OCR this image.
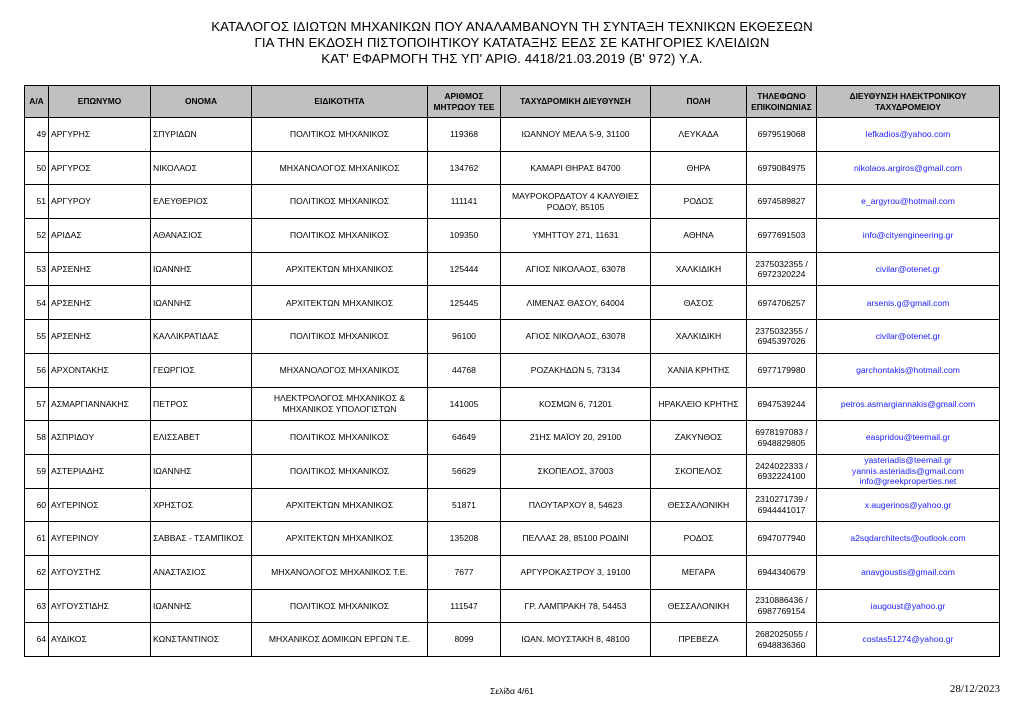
ΚΑΤΑΛΟΓΟΣ ΙΔΙΩΤΩΝ ΜΗΧΑΝΙΚΩΝ ΠΟΥ ΑΝΑΛΑΜΒΑΝΟΥΝ ΤΗ ΣΥΝΤΑΞΗ ΤΕΧΝΙΚΩΝ ΕΚΘΕΣΕΩΝ
ΓΙΑ ΤΗΝ ΕΚΔΟΣΗ ΠΙΣΤΟΠΟΙΗΤΙΚΟΥ ΚΑΤΑΤΑΞΗΣ ΕΕΔΣ ΣΕ ΚΑΤΗΓΟΡΙΕΣ ΚΛΕΙΔΙΩΝ
ΚΑΤ' ΕΦΑΡΜΟΓΗ ΤΗΣ ΥΠ' ΑΡΙΘ. 4418/21.03.2019 (Β' 972) Υ.Α.
Α/Α	ΕΠΩΝΥΜΟ	ΟΝΟΜΑ	ΕΙΔΙΚΟΤΗΤΑ	ΑΡΙΘΜΟΣ ΜΗΤΡΩΟΥ ΤΕΕ	ΤΑΧΥΔΡΟΜΙΚΗ ΔΙΕΥΘΥΝΣΗ	ΠΟΛΗ	ΤΗΛΕΦΩΝΟ ΕΠΙΚΟΙΝΩΝΙΑΣ	ΔΙΕΥΘΥΝΣΗ ΗΛΕΚΤΡΟΝΙΚΟΥ ΤΑΧΥΔΡΟΜΕΙΟΥ
49	ΑΡΓΥΡΗΣ	ΣΠΥΡΙΔΩΝ	ΠΟΛΙΤΙΚΟΣ ΜΗΧΑΝΙΚΟΣ	119368	ΙΩΑΝΝΟΥ ΜΕΛΑ 5-9, 31100	ΛΕΥΚΑΔΑ	6979519068	lefkadios@yahoo.com
50	ΑΡΓΥΡΟΣ	ΝΙΚΟΛΑΟΣ	ΜΗΧΑΝΟΛΟΓΟΣ ΜΗΧΑΝΙΚΟΣ	134762	ΚΑΜΑΡΙ ΘΗΡΑΣ 84700	ΘΗΡΑ	6979084975	nikolaos.argiros@gmail.com
51	ΑΡΓΥΡΟΥ	ΕΛΕΥΘΕΡΙΟΣ	ΠΟΛΙΤΙΚΟΣ ΜΗΧΑΝΙΚΟΣ	111141	ΜΑΥΡΟΚΟΡΔΑΤΟΥ 4 ΚΑΛΥΘΙΕΣ ΡΟΔΟΥ, 85105	ΡΟΔΟΣ	6974589827	e_argyrou@hotmail.com
52	ΑΡΙΔΑΣ	ΑΘΑΝΑΣΙΟΣ	ΠΟΛΙΤΙΚΟΣ ΜΗΧΑΝΙΚΟΣ	109350	ΥΜΗΤΤΟΥ 271, 11631	ΑΘΗΝΑ	6977691503	info@cityengineering.gr
53	ΑΡΣΕΝΗΣ	ΙΩΑΝΝΗΣ	ΑΡΧΙΤΕΚΤΩΝ ΜΗΧΑΝΙΚΟΣ	125444	ΑΓΙΟΣ ΝΙΚΟΛΑΟΣ, 63078	ΧΑΛΚΙΔΙΚΗ	2375032355 / 6972320224	civilar@otenet.gr
54	ΑΡΣΕΝΗΣ	ΙΩΑΝΝΗΣ	ΑΡΧΙΤΕΚΤΩΝ ΜΗΧΑΝΙΚΟΣ	125445	ΛΙΜΕΝΑΣ ΘΑΣΟΥ, 64004	ΘΑΣΟΣ	6974706257	arsenis.g@gmail.com
55	ΑΡΣΕΝΗΣ	ΚΑΛΛΙΚΡΑΤΙΔΑΣ	ΠΟΛΙΤΙΚΟΣ ΜΗΧΑΝΙΚΟΣ	96100	ΑΓΙΟΣ ΝΙΚΟΛΑΟΣ, 63078	ΧΑΛΚΙΔΙΚΗ	2375032355 / 6945397026	civilar@otenet.gr
56	ΑΡΧΟΝΤΑΚΗΣ	ΓΕΩΡΓΙΟΣ	ΜΗΧΑΝΟΛΟΓΟΣ ΜΗΧΑΝΙΚΟΣ	44768	ΡΟΖΑΚΗΔΩΝ 5, 73134	ΧΑΝΙΑ ΚΡΗΤΗΣ	6977179980	garchontakis@hotmail.com
57	ΑΣΜΑΡΓΙΑΝΝΑΚΗΣ	ΠΕΤΡΟΣ	ΗΛΕΚΤΡΟΛΟΓΟΣ ΜΗΧΑΝΙΚΟΣ & ΜΗΧΑΝΙΚΟΣ ΥΠΟΛΟΓΙΣΤΩΝ	141005	ΚΟΣΜΩΝ 6, 71201	ΗΡΑΚΛΕΙΟ ΚΡΗΤΗΣ	6947539244	petros.asmargiannakis@gmail.com
58	ΑΣΠΡΙΔΟΥ	ΕΛΙΣΣΑΒΕΤ	ΠΟΛΙΤΙΚΟΣ ΜΗΧΑΝΙΚΟΣ	64649	21ΗΣ ΜΑΪΟΥ 20, 29100	ΖΑΚΥΝΘΟΣ	6978197083 / 6948829805	easpridou@teemail.gr
59	ΑΣΤΕΡΙΑΔΗΣ	ΙΩΑΝΝΗΣ	ΠΟΛΙΤΙΚΟΣ ΜΗΧΑΝΙΚΟΣ	56629	ΣΚΟΠΕΛΟΣ, 37003	ΣΚΟΠΕΛΟΣ	2424022333 / 6932224100	yasteriadis@teemail.gr yannis.asteriadis@gmail.com info@greekproperties.net
60	ΑΥΓΕΡΙΝΟΣ	ΧΡΗΣΤΟΣ	ΑΡΧΙΤΕΚΤΩΝ ΜΗΧΑΝΙΚΟΣ	51871	ΠΛΟΥΤΑΡΧΟΥ 8, 54623	ΘΕΣΣΑΛΟΝΙΚΗ	2310271739 / 6944441017	x.augerinos@yahoo.gr
61	ΑΥΓΕΡΙΝΟΥ	ΣΑΒΒΑΣ - ΤΣΑΜΠΙΚΟΣ	ΑΡΧΙΤΕΚΤΩΝ ΜΗΧΑΝΙΚΟΣ	135208	ΠΕΛΛΑΣ 28, 85100 ΡΟΔΙΝΙ	ΡΟΔΟΣ	6947077940	a2sqdarchitects@outlook.com
62	ΑΥΓΟΥΣΤΗΣ	ΑΝΑΣΤΑΣΙΟΣ	ΜΗΧΑΝΟΛΟΓΟΣ ΜΗΧΑΝΙΚΟΣ Τ.Ε.	7677	ΑΡΓΥΡΟΚΑΣΤΡΟΥ 3, 19100	ΜΕΓΑΡΑ	6944340679	anavgoustis@gmail.com
63	ΑΥΓΟΥΣΤΙΔΗΣ	ΙΩΑΝΝΗΣ	ΠΟΛΙΤΙΚΟΣ ΜΗΧΑΝΙΚΟΣ	111547	ΓΡ. ΛΑΜΠΡΑΚΗ 78, 54453	ΘΕΣΣΑΛΟΝΙΚΗ	2310886436 / 6987769154	iaugoust@yahoo.gr
64	ΑΥΔΙΚΟΣ	ΚΩΝΣΤΑΝΤΙΝΟΣ	ΜΗΧΑΝΙΚΟΣ ΔΟΜΙΚΩΝ ΕΡΓΩΝ Τ.Ε.	8099	ΙΩΑΝ. ΜΟΥΣΤΑΚΗ 8, 48100	ΠΡΕΒΕΖΑ	2682025055 / 6948836360	costas51274@yahoo.gr
Σελίδα 4/61	28/12/2023
